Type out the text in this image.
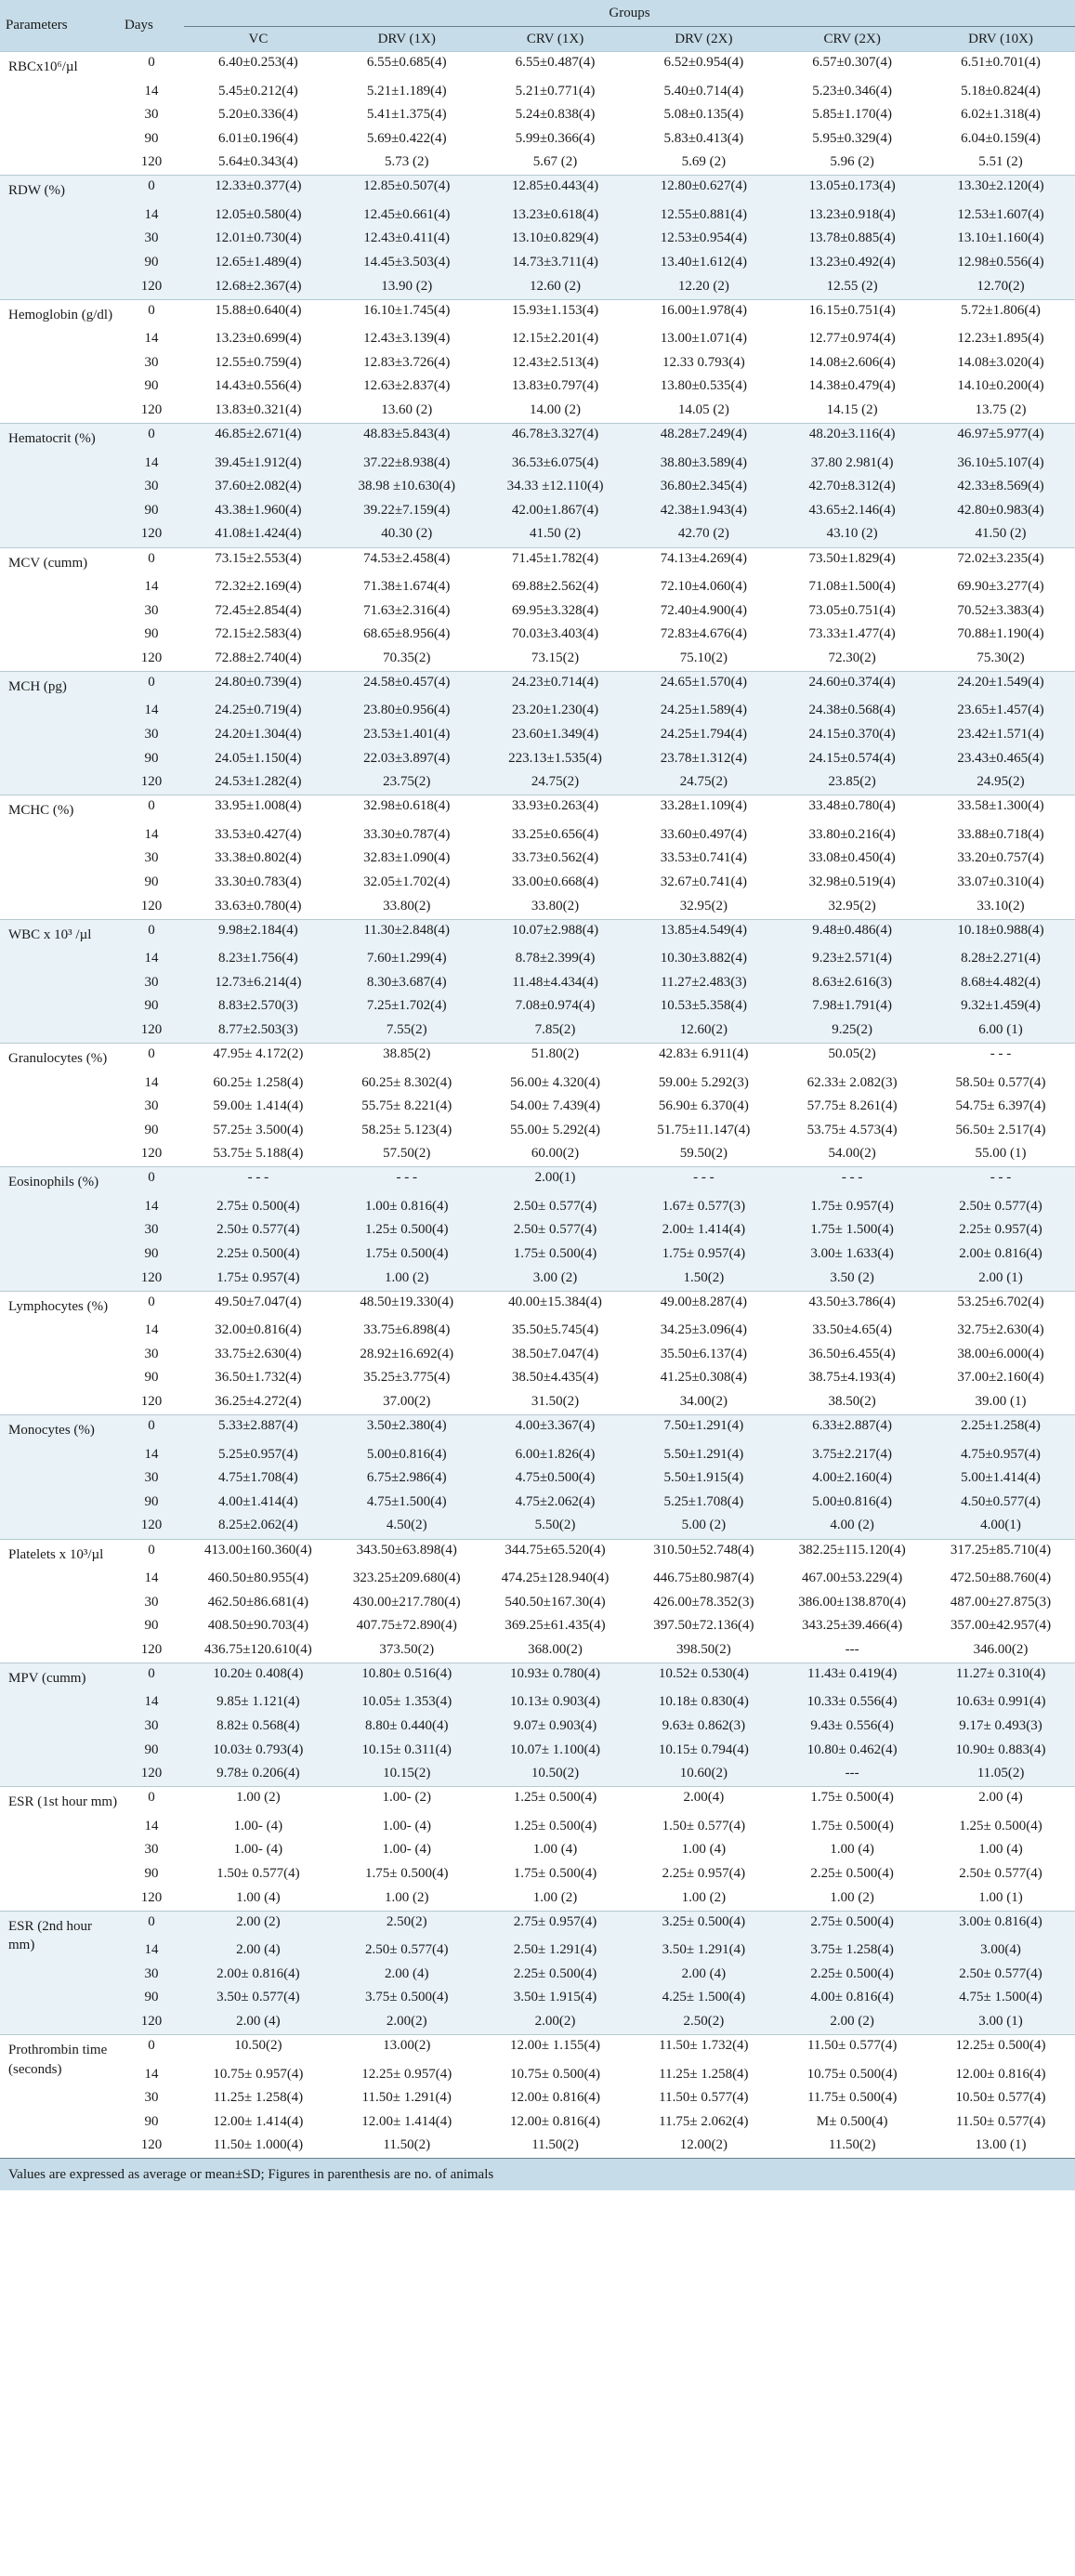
Parameters	Days	Groups					
		VC	DRV (1X)	CRV (1X)	DRV (2X)	CRV (2X)	DRV (10X)
RBCx10⁶/µl	0	6.40±0.253(4)	6.55±0.685(4)	6.55±0.487(4)	6.52±0.954(4)	6.57±0.307(4)	6.51±0.701(4)
	14	5.45±0.212(4)	5.21±1.189(4)	5.21±0.771(4)	5.40±0.714(4)	5.23±0.346(4)	5.18±0.824(4)
	30	5.20±0.336(4)	5.41±1.375(4)	5.24±0.838(4)	5.08±0.135(4)	5.85±1.170(4)	6.02±1.318(4)
	90	6.01±0.196(4)	5.69±0.422(4)	5.99±0.366(4)	5.83±0.413(4)	5.95±0.329(4)	6.04±0.159(4)
	120	5.64±0.343(4)	5.73 (2)	5.67 (2)	5.69 (2)	5.96 (2)	5.51 (2)
RDW (%)	0	12.33±0.377(4)	12.85±0.507(4)	12.85±0.443(4)	12.80±0.627(4)	13.05±0.173(4)	13.30±2.120(4)
	14	12.05±0.580(4)	12.45±0.661(4)	13.23±0.618(4)	12.55±0.881(4)	13.23±0.918(4)	12.53±1.607(4)
	30	12.01±0.730(4)	12.43±0.411(4)	13.10±0.829(4)	12.53±0.954(4)	13.78±0.885(4)	13.10±1.160(4)
	90	12.65±1.489(4)	14.45±3.503(4)	14.73±3.711(4)	13.40±1.612(4)	13.23±0.492(4)	12.98±0.556(4)
	120	12.68±2.367(4)	13.90 (2)	12.60 (2)	12.20 (2)	12.55 (2)	12.70(2)
Hemoglobin (g/dl)	0	15.88±0.640(4)	16.10±1.745(4)	15.93±1.153(4)	16.00±1.978(4)	16.15±0.751(4)	5.72±1.806(4)
	14	13.23±0.699(4)	12.43±3.139(4)	12.15±2.201(4)	13.00±1.071(4)	12.77±0.974(4)	12.23±1.895(4)
	30	12.55±0.759(4)	12.83±3.726(4)	12.43±2.513(4)	12.33 0.793(4)	14.08±2.606(4)	14.08±3.020(4)
	90	14.43±0.556(4)	12.63±2.837(4)	13.83±0.797(4)	13.80±0.535(4)	14.38±0.479(4)	14.10±0.200(4)
	120	13.83±0.321(4)	13.60 (2)	14.00 (2)	14.05 (2)	14.15 (2)	13.75 (2)
Hematocrit (%)	0	46.85±2.671(4)	48.83±5.843(4)	46.78±3.327(4)	48.28±7.249(4)	48.20±3.116(4)	46.97±5.977(4)
	14	39.45±1.912(4)	37.22±8.938(4)	36.53±6.075(4)	38.80±3.589(4)	37.80 2.981(4)	36.10±5.107(4)
	30	37.60±2.082(4)	38.98 ±10.630(4)	34.33 ±12.110(4)	36.80±2.345(4)	42.70±8.312(4)	42.33±8.569(4)
	90	43.38±1.960(4)	39.22±7.159(4)	42.00±1.867(4)	42.38±1.943(4)	43.65±2.146(4)	42.80±0.983(4)
	120	41.08±1.424(4)	40.30 (2)	41.50 (2)	42.70 (2)	43.10 (2)	41.50 (2)
MCV (cumm)	0	73.15±2.553(4)	74.53±2.458(4)	71.45±1.782(4)	74.13±4.269(4)	73.50±1.829(4)	72.02±3.235(4)
	14	72.32±2.169(4)	71.38±1.674(4)	69.88±2.562(4)	72.10±4.060(4)	71.08±1.500(4)	69.90±3.277(4)
	30	72.45±2.854(4)	71.63±2.316(4)	69.95±3.328(4)	72.40±4.900(4)	73.05±0.751(4)	70.52±3.383(4)
	90	72.15±2.583(4)	68.65±8.956(4)	70.03±3.403(4)	72.83±4.676(4)	73.33±1.477(4)	70.88±1.190(4)
	120	72.88±2.740(4)	70.35(2)	73.15(2)	75.10(2)	72.30(2)	75.30(2)
MCH (pg)	0	24.80±0.739(4)	24.58±0.457(4)	24.23±0.714(4)	24.65±1.570(4)	24.60±0.374(4)	24.20±1.549(4)
	14	24.25±0.719(4)	23.80±0.956(4)	23.20±1.230(4)	24.25±1.589(4)	24.38±0.568(4)	23.65±1.457(4)
	30	24.20±1.304(4)	23.53±1.401(4)	23.60±1.349(4)	24.25±1.794(4)	24.15±0.370(4)	23.42±1.571(4)
	90	24.05±1.150(4)	22.03±3.897(4)	223.13±1.535(4)	23.78±1.312(4)	24.15±0.574(4)	23.43±0.465(4)
	120	24.53±1.282(4)	23.75(2)	24.75(2)	24.75(2)	23.85(2)	24.95(2)
MCHC (%)	0	33.95±1.008(4)	32.98±0.618(4)	33.93±0.263(4)	33.28±1.109(4)	33.48±0.780(4)	33.58±1.300(4)
	14	33.53±0.427(4)	33.30±0.787(4)	33.25±0.656(4)	33.60±0.497(4)	33.80±0.216(4)	33.88±0.718(4)
	30	33.38±0.802(4)	32.83±1.090(4)	33.73±0.562(4)	33.53±0.741(4)	33.08±0.450(4)	33.20±0.757(4)
	90	33.30±0.783(4)	32.05±1.702(4)	33.00±0.668(4)	32.67±0.741(4)	32.98±0.519(4)	33.07±0.310(4)
	120	33.63±0.780(4)	33.80(2)	33.80(2)	32.95(2)	32.95(2)	33.10(2)
WBC x 10³ /µl	0	9.98±2.184(4)	11.30±2.848(4)	10.07±2.988(4)	13.85±4.549(4)	9.48±0.486(4)	10.18±0.988(4)
	14	8.23±1.756(4)	7.60±1.299(4)	8.78±2.399(4)	10.30±3.882(4)	9.23±2.571(4)	8.28±2.271(4)
	30	12.73±6.214(4)	8.30±3.687(4)	11.48±4.434(4)	11.27±2.483(3)	8.63±2.616(3)	8.68±4.482(4)
	90	8.83±2.570(3)	7.25±1.702(4)	7.08±0.974(4)	10.53±5.358(4)	7.98±1.791(4)	9.32±1.459(4)
	120	8.77±2.503(3)	7.55(2)	7.85(2)	12.60(2)	9.25(2)	6.00 (1)
Granulocytes (%)	0	47.95± 4.172(2)	38.85(2)	51.80(2)	42.83± 6.911(4)	50.05(2)	- - -
	14	60.25± 1.258(4)	60.25± 8.302(4)	56.00± 4.320(4)	59.00± 5.292(3)	62.33± 2.082(3)	58.50± 0.577(4)
	30	59.00± 1.414(4)	55.75± 8.221(4)	54.00± 7.439(4)	56.90± 6.370(4)	57.75± 8.261(4)	54.75± 6.397(4)
	90	57.25± 3.500(4)	58.25± 5.123(4)	55.00± 5.292(4)	51.75±11.147(4)	53.75± 4.573(4)	56.50± 2.517(4)
	120	53.75± 5.188(4)	57.50(2)	60.00(2)	59.50(2)	54.00(2)	55.00 (1)
Eosinophils (%)	0	- - -	- - -	2.00(1)	- - -	- - -	- - -
	14	2.75± 0.500(4)	1.00± 0.816(4)	2.50± 0.577(4)	1.67± 0.577(3)	1.75± 0.957(4)	2.50± 0.577(4)
	30	2.50± 0.577(4)	1.25± 0.500(4)	2.50± 0.577(4)	2.00± 1.414(4)	1.75± 1.500(4)	2.25± 0.957(4)
	90	2.25± 0.500(4)	1.75± 0.500(4)	1.75± 0.500(4)	1.75± 0.957(4)	3.00± 1.633(4)	2.00± 0.816(4)
	120	1.75± 0.957(4)	1.00 (2)	3.00 (2)	1.50(2)	3.50 (2)	2.00 (1)
Lymphocytes (%)	0	49.50±7.047(4)	48.50±19.330(4)	40.00±15.384(4)	49.00±8.287(4)	43.50±3.786(4)	53.25±6.702(4)
	14	32.00±0.816(4)	33.75±6.898(4)	35.50±5.745(4)	34.25±3.096(4)	33.50±4.65(4)	32.75±2.630(4)
	30	33.75±2.630(4)	28.92±16.692(4)	38.50±7.047(4)	35.50±6.137(4)	36.50±6.455(4)	38.00±6.000(4)
	90	36.50±1.732(4)	35.25±3.775(4)	38.50±4.435(4)	41.25±0.308(4)	38.75±4.193(4)	37.00±2.160(4)
	120	36.25±4.272(4)	37.00(2)	31.50(2)	34.00(2)	38.50(2)	39.00 (1)
Monocytes (%)	0	5.33±2.887(4)	3.50±2.380(4)	4.00±3.367(4)	7.50±1.291(4)	6.33±2.887(4)	2.25±1.258(4)
	14	5.25±0.957(4)	5.00±0.816(4)	6.00±1.826(4)	5.50±1.291(4)	3.75±2.217(4)	4.75±0.957(4)
	30	4.75±1.708(4)	6.75±2.986(4)	4.75±0.500(4)	5.50±1.915(4)	4.00±2.160(4)	5.00±1.414(4)
	90	4.00±1.414(4)	4.75±1.500(4)	4.75±2.062(4)	5.25±1.708(4)	5.00±0.816(4)	4.50±0.577(4)
	120	8.25±2.062(4)	4.50(2)	5.50(2)	5.00 (2)	4.00 (2)	4.00(1)
Platelets x 10³/µl	0	413.00±160.360(4)	343.50±63.898(4)	344.75±65.520(4)	310.50±52.748(4)	382.25±115.120(4)	317.25±85.710(4)
	14	460.50±80.955(4)	323.25±209.680(4)	474.25±128.940(4)	446.75±80.987(4)	467.00±53.229(4)	472.50±88.760(4)
	30	462.50±86.681(4)	430.00±217.780(4)	540.50±167.30(4)	426.00±78.352(3)	386.00±138.870(4)	487.00±27.875(3)
	90	408.50±90.703(4)	407.75±72.890(4)	369.25±61.435(4)	397.50±72.136(4)	343.25±39.466(4)	357.00±42.957(4)
	120	436.75±120.610(4)	373.50(2)	368.00(2)	398.50(2)	---	346.00(2)
MPV (cumm)	0	10.20± 0.408(4)	10.80± 0.516(4)	10.93± 0.780(4)	10.52± 0.530(4)	11.43± 0.419(4)	11.27± 0.310(4)
	14	9.85± 1.121(4)	10.05± 1.353(4)	10.13± 0.903(4)	10.18± 0.830(4)	10.33± 0.556(4)	10.63± 0.991(4)
	30	8.82± 0.568(4)	8.80± 0.440(4)	9.07± 0.903(4)	9.63± 0.862(3)	9.43± 0.556(4)	9.17± 0.493(3)
	90	10.03± 0.793(4)	10.15± 0.311(4)	10.07± 1.100(4)	10.15± 0.794(4)	10.80± 0.462(4)	10.90± 0.883(4)
	120	9.78± 0.206(4)	10.15(2)	10.50(2)	10.60(2)	---	11.05(2)
ESR (1st hour mm)	0	1.00 (2)	1.00- (2)	1.25± 0.500(4)	2.00(4)	1.75± 0.500(4)	2.00 (4)
	14	1.00- (4)	1.00- (4)	1.25± 0.500(4)	1.50± 0.577(4)	1.75± 0.500(4)	1.25± 0.500(4)
	30	1.00- (4)	1.00- (4)	1.00 (4)	1.00 (4)	1.00 (4)	1.00 (4)
	90	1.50± 0.577(4)	1.75± 0.500(4)	1.75± 0.500(4)	2.25± 0.957(4)	2.25± 0.500(4)	2.50± 0.577(4)
	120	1.00 (4)	1.00 (2)	1.00 (2)	1.00 (2)	1.00 (2)	1.00 (1)
ESR (2nd hour mm)	0	2.00 (2)	2.50(2)	2.75± 0.957(4)	3.25± 0.500(4)	2.75± 0.500(4)	3.00± 0.816(4)
	14	2.00 (4)	2.50± 0.577(4)	2.50± 1.291(4)	3.50± 1.291(4)	3.75± 1.258(4)	3.00(4)
	30	2.00± 0.816(4)	2.00 (4)	2.25± 0.500(4)	2.00 (4)	2.25± 0.500(4)	2.50± 0.577(4)
	90	3.50± 0.577(4)	3.75± 0.500(4)	3.50± 1.915(4)	4.25± 1.500(4)	4.00± 0.816(4)	4.75± 1.500(4)
	120	2.00 (4)	2.00(2)	2.00(2)	2.50(2)	2.00 (2)	3.00 (1)
Prothrombin time (seconds)	0	10.50(2)	13.00(2)	12.00± 1.155(4)	11.50± 1.732(4)	11.50± 0.577(4)	12.25± 0.500(4)
	14	10.75± 0.957(4)	12.25± 0.957(4)	10.75± 0.500(4)	11.25± 1.258(4)	10.75± 0.500(4)	12.00± 0.816(4)
	30	11.25± 1.258(4)	11.50± 1.291(4)	12.00± 0.816(4)	11.50± 0.577(4)	11.75± 0.500(4)	10.50± 0.577(4)
	90	12.00± 1.414(4)	12.00± 1.414(4)	12.00± 0.816(4)	11.75± 2.062(4)	M± 0.500(4)	11.50± 0.577(4)
	120	11.50± 1.000(4)	11.50(2)	11.50(2)	12.00(2)	11.50(2)	13.00 (1)
Values are expressed as average or mean±SD; Figures in parenthesis are no. of animals							
